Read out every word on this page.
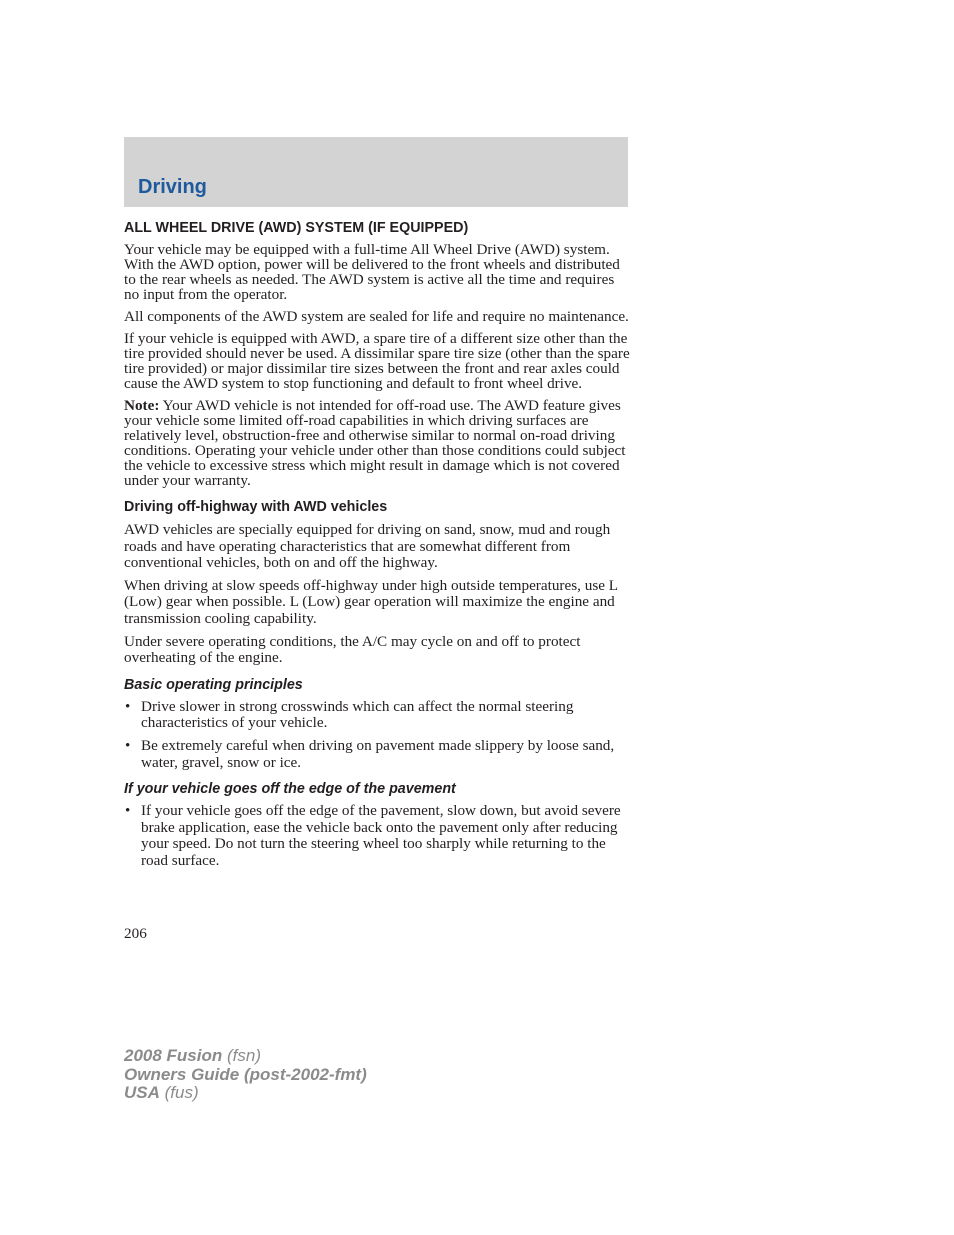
Driving
ALL WHEEL DRIVE (AWD) SYSTEM (IF EQUIPPED)

Your vehicle may be equipped with a full-time All Wheel Drive (AWD) system. With the AWD option, power will be delivered to the front wheels and distributed to the rear wheels as needed. The AWD system is active all the time and requires no input from the operator.

All components of the AWD system are sealed for life and require no maintenance.

If your vehicle is equipped with AWD, a spare tire of a different size other than the tire provided should never be used. A dissimilar spare tire size (other than the spare tire provided) or major dissimilar tire sizes between the front and rear axles could cause the AWD system to stop functioning and default to front wheel drive.

Note: Your AWD vehicle is not intended for off-road use. The AWD feature gives your vehicle some limited off-road capabilities in which driving surfaces are relatively level, obstruction-free and otherwise similar to normal on-road driving conditions. Operating your vehicle under other than those conditions could subject the vehicle to excessive stress which might result in damage which is not covered under your warranty.

Driving off-highway with AWD vehicles

AWD vehicles are specially equipped for driving on sand, snow, mud and rough roads and have operating characteristics that are somewhat different from conventional vehicles, both on and off the highway.

When driving at slow speeds off-highway under high outside temperatures, use L (Low) gear when possible. L (Low) gear operation will maximize the engine and transmission cooling capability.

Under severe operating conditions, the A/C may cycle on and off to protect overheating of the engine.

Basic operating principles
• Drive slower in strong crosswinds which can affect the normal steering characteristics of your vehicle.
• Be extremely careful when driving on pavement made slippery by loose sand, water, gravel, snow or ice.
If your vehicle goes off the edge of the pavement
• If your vehicle goes off the edge of the pavement, slow down, but avoid severe brake application, ease the vehicle back onto the pavement only after reducing your speed. Do not turn the steering wheel too sharply while returning to the road surface.
206
2008 Fusion (fsn)
Owners Guide (post-2002-fmt)
USA (fus)
